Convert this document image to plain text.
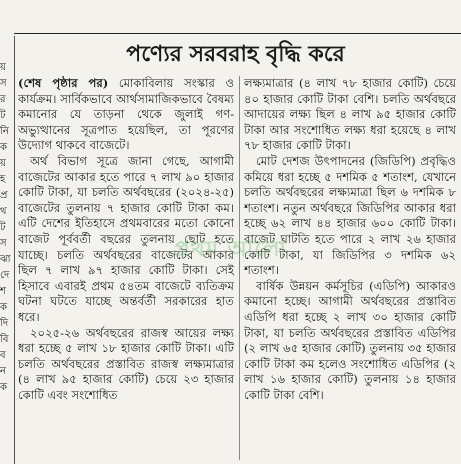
য়
স
র
ট
নি
ক
য়
হ
প্র
থ
ট
স
ঝা
দে
শ
ক
দি
বি
ব
ন
ক
পণ্যের সরবরাহ বৃদ্ধি করে

(শেষ পৃষ্ঠার পর) মোকাবিলায় সংস্কার ও কার্যক্রম। সার্বিকভাবে আর্থসামাজিকভাবে বৈষম্য কমানোর যে তাড়না থেকে জুলাই গণ-অভ্যুত্থানের সূত্রপাত হয়েছিল, তা পূরণের উদ্যোগ থাকবে বাজেটে।

অর্থ বিভাগ সূত্রে জানা গেছে, আগামী বাজেটের আকার হতে পারে ৭ লাখ ৯০ হাজার কোটি টাকা, যা চলতি অর্থবছরের (২০২৪-২৫) বাজেটের তুলনায় ৭ হাজার কোটি টাকা কম। এটি দেশের ইতিহাসে প্রথমবারের মতো কোনো বাজেট পূর্ববর্তী বছরের তুলনায় ছোট হতে যাচ্ছে। চলতি অর্থবছরের বাজেটের আকার ছিল ৭ লাখ ৯৭ হাজার কোটি টাকা। সেই হিসাবে এবারই প্রথম ৫৪তম বাজেটে ব্যতিক্রম ঘটনা ঘটতে যাচ্ছে অন্তর্বর্তী সরকারের হাত ধরে।

২০২৫-২৬ অর্থবছরের রাজস্ব আয়ের লক্ষ্য ধরা হচ্ছে ৫ লাখ ১৮ হাজার কোটি টাকা। এটি চলতি অর্থবছরের প্রস্তাবিত রাজস্ব লক্ষ্যমাত্রার (৪ লাখ ৯৫ হাজার কোটি) চেয়ে ২৩ হাজার কোটি এবং সংশোধিত

লক্ষ্যমাত্রার (৪ লাখ ৭৮ হাজার কোটি) চেয়ে ৪০ হাজার কোটি টাকা বেশি। চলতি অর্থবছরে আদায়ের লক্ষ্য ছিল ৪ লাখ ৯৫ হাজার কোটি টাকা আর সংশোধিত লক্ষ্য ধরা হয়েছে ৪ লাখ ৭৮ হাজার কোটি টাকা।

মোট দেশজ উৎপাদনের (জিডিপি) প্রবৃদ্ধিও কমিয়ে ধরা হচ্ছে ৫ দশমিক ৫ শতাংশ, যেখানে চলতি অর্থবছরের লক্ষ্যমাত্রা ছিল ৬ দশমিক ৮ শতাংশ। নতুন অর্থবছরে জিডিপির আকার ধরা হচ্ছে ৬২ লাখ ৪৪ হাজার ৬০০ কোটি টাকা। বাজেট ঘাটতি হতে পারে ২ লাখ ২৬ হাজার কোটি টাকা, যা জিডিপির ৩ দশমিক ৬২ শতাংশ।

বার্ষিক উন্নয়ন কর্মসূচির (এডিপি) আকারও কমানো হচ্ছে। আগামী অর্থবছরের প্রস্তাবিত এডিপি ধরা হচ্ছে ২ লাখ ৩০ হাজার কোটি টাকা, যা চলতি অর্থবছরের প্রস্তাবিত এডিপির (২ লাখ ৬৫ হাজার কোটি) তুলনায় ৩৫ হাজার কোটি টাকা কম হলেও সংশোধিত এডিপির (২ লাখ ১৬ হাজার কোটি) তুলনায় ১৪ হাজার কোটি টাকা বেশি।

প্রথম আলো
